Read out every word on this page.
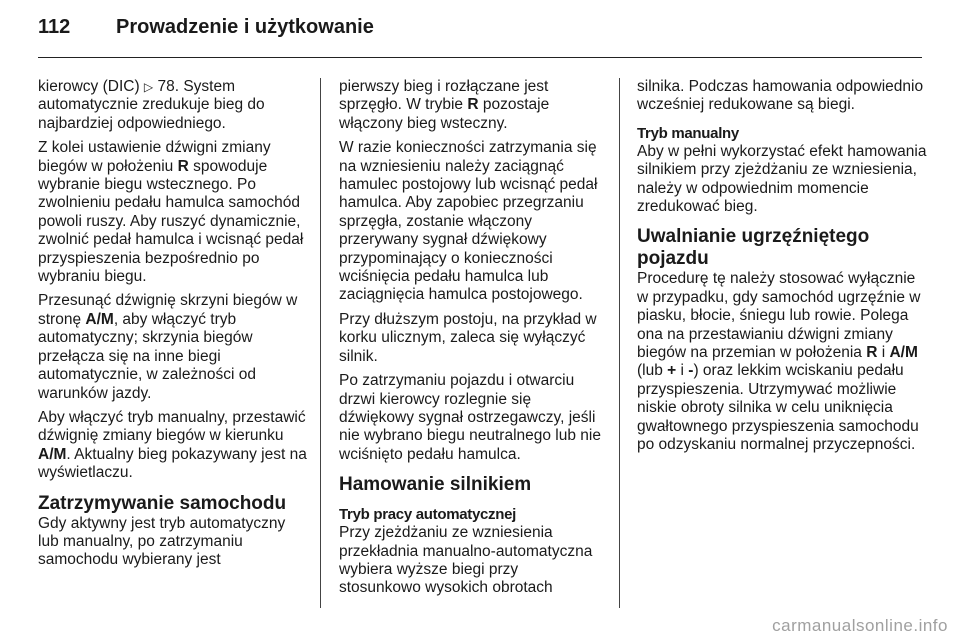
112 Prowadzenie i użytkowanie

kierowcy (DIC) ▷ 78. System automatycznie zredukuje bieg do najbardziej odpowiedniego.

Z kolei ustawienie dźwigni zmiany biegów w położeniu R spowoduje wybranie biegu wstecznego. Po zwolnieniu pedału hamulca samochód powoli ruszy. Aby ruszyć dynamicznie, zwolnić pedał hamulca i wcisnąć pedał przyspieszenia bezpośrednio po wybraniu biegu.

Przesunąć dźwignię skrzyni biegów w stronę A/M, aby włączyć tryb automatyczny; skrzynia biegów przełącza się na inne biegi automatycznie, w zależności od warunków jazdy.

Aby włączyć tryb manualny, przestawić dźwignię zmiany biegów w kierunku A/M. Aktualny bieg pokazywany jest na wyświetlaczu.

Zatrzymywanie samochodu

Gdy aktywny jest tryb automatyczny lub manualny, po zatrzymaniu samochodu wybierany jest

pierwszy bieg i rozłączane jest sprzęgło. W trybie R pozostaje włączony bieg wsteczny.

W razie konieczności zatrzymania się na wzniesieniu należy zaciągnąć hamulec postojowy lub wcisnąć pedał hamulca. Aby zapobiec przegrzaniu sprzęgła, zostanie włączony przerywany sygnał dźwiękowy przypominający o konieczności wciśnięcia pedału hamulca lub zaciągnięcia hamulca postojowego.

Przy dłuższym postoju, na przykład w korku ulicznym, zaleca się wyłączyć silnik.

Po zatrzymaniu pojazdu i otwarciu drzwi kierowcy rozlegnie się dźwiękowy sygnał ostrzegawczy, jeśli nie wybrano biegu neutralnego lub nie wciśnięto pedału hamulca.

Hamowanie silnikiem
Tryb pracy automatycznej

Przy zjeżdżaniu ze wzniesienia przekładnia manualno-automatyczna wybiera wyższe biegi przy stosunkowo wysokich obrotach

silnika. Podczas hamowania odpowiednio wcześniej redukowane są biegi.

Tryb manualny

Aby w pełni wykorzystać efekt hamowania silnikiem przy zjeżdżaniu ze wzniesienia, należy w odpowiednim momencie zredukować bieg.

Uwalnianie ugrzęźniętego pojazdu

Procedurę tę należy stosować wyłącznie w przypadku, gdy samochód ugrzęźnie w piasku, błocie, śniegu lub rowie. Polega ona na przestawianiu dźwigni zmiany biegów na przemian w położenia R i A/M (lub + i -) oraz lekkim wciskaniu pedału przyspieszenia. Utrzymywać możliwie niskie obroty silnika w celu uniknięcia gwałtownego przyspieszenia samochodu po odzyskaniu normalnej przyczepności.

carmanualsonline.info
